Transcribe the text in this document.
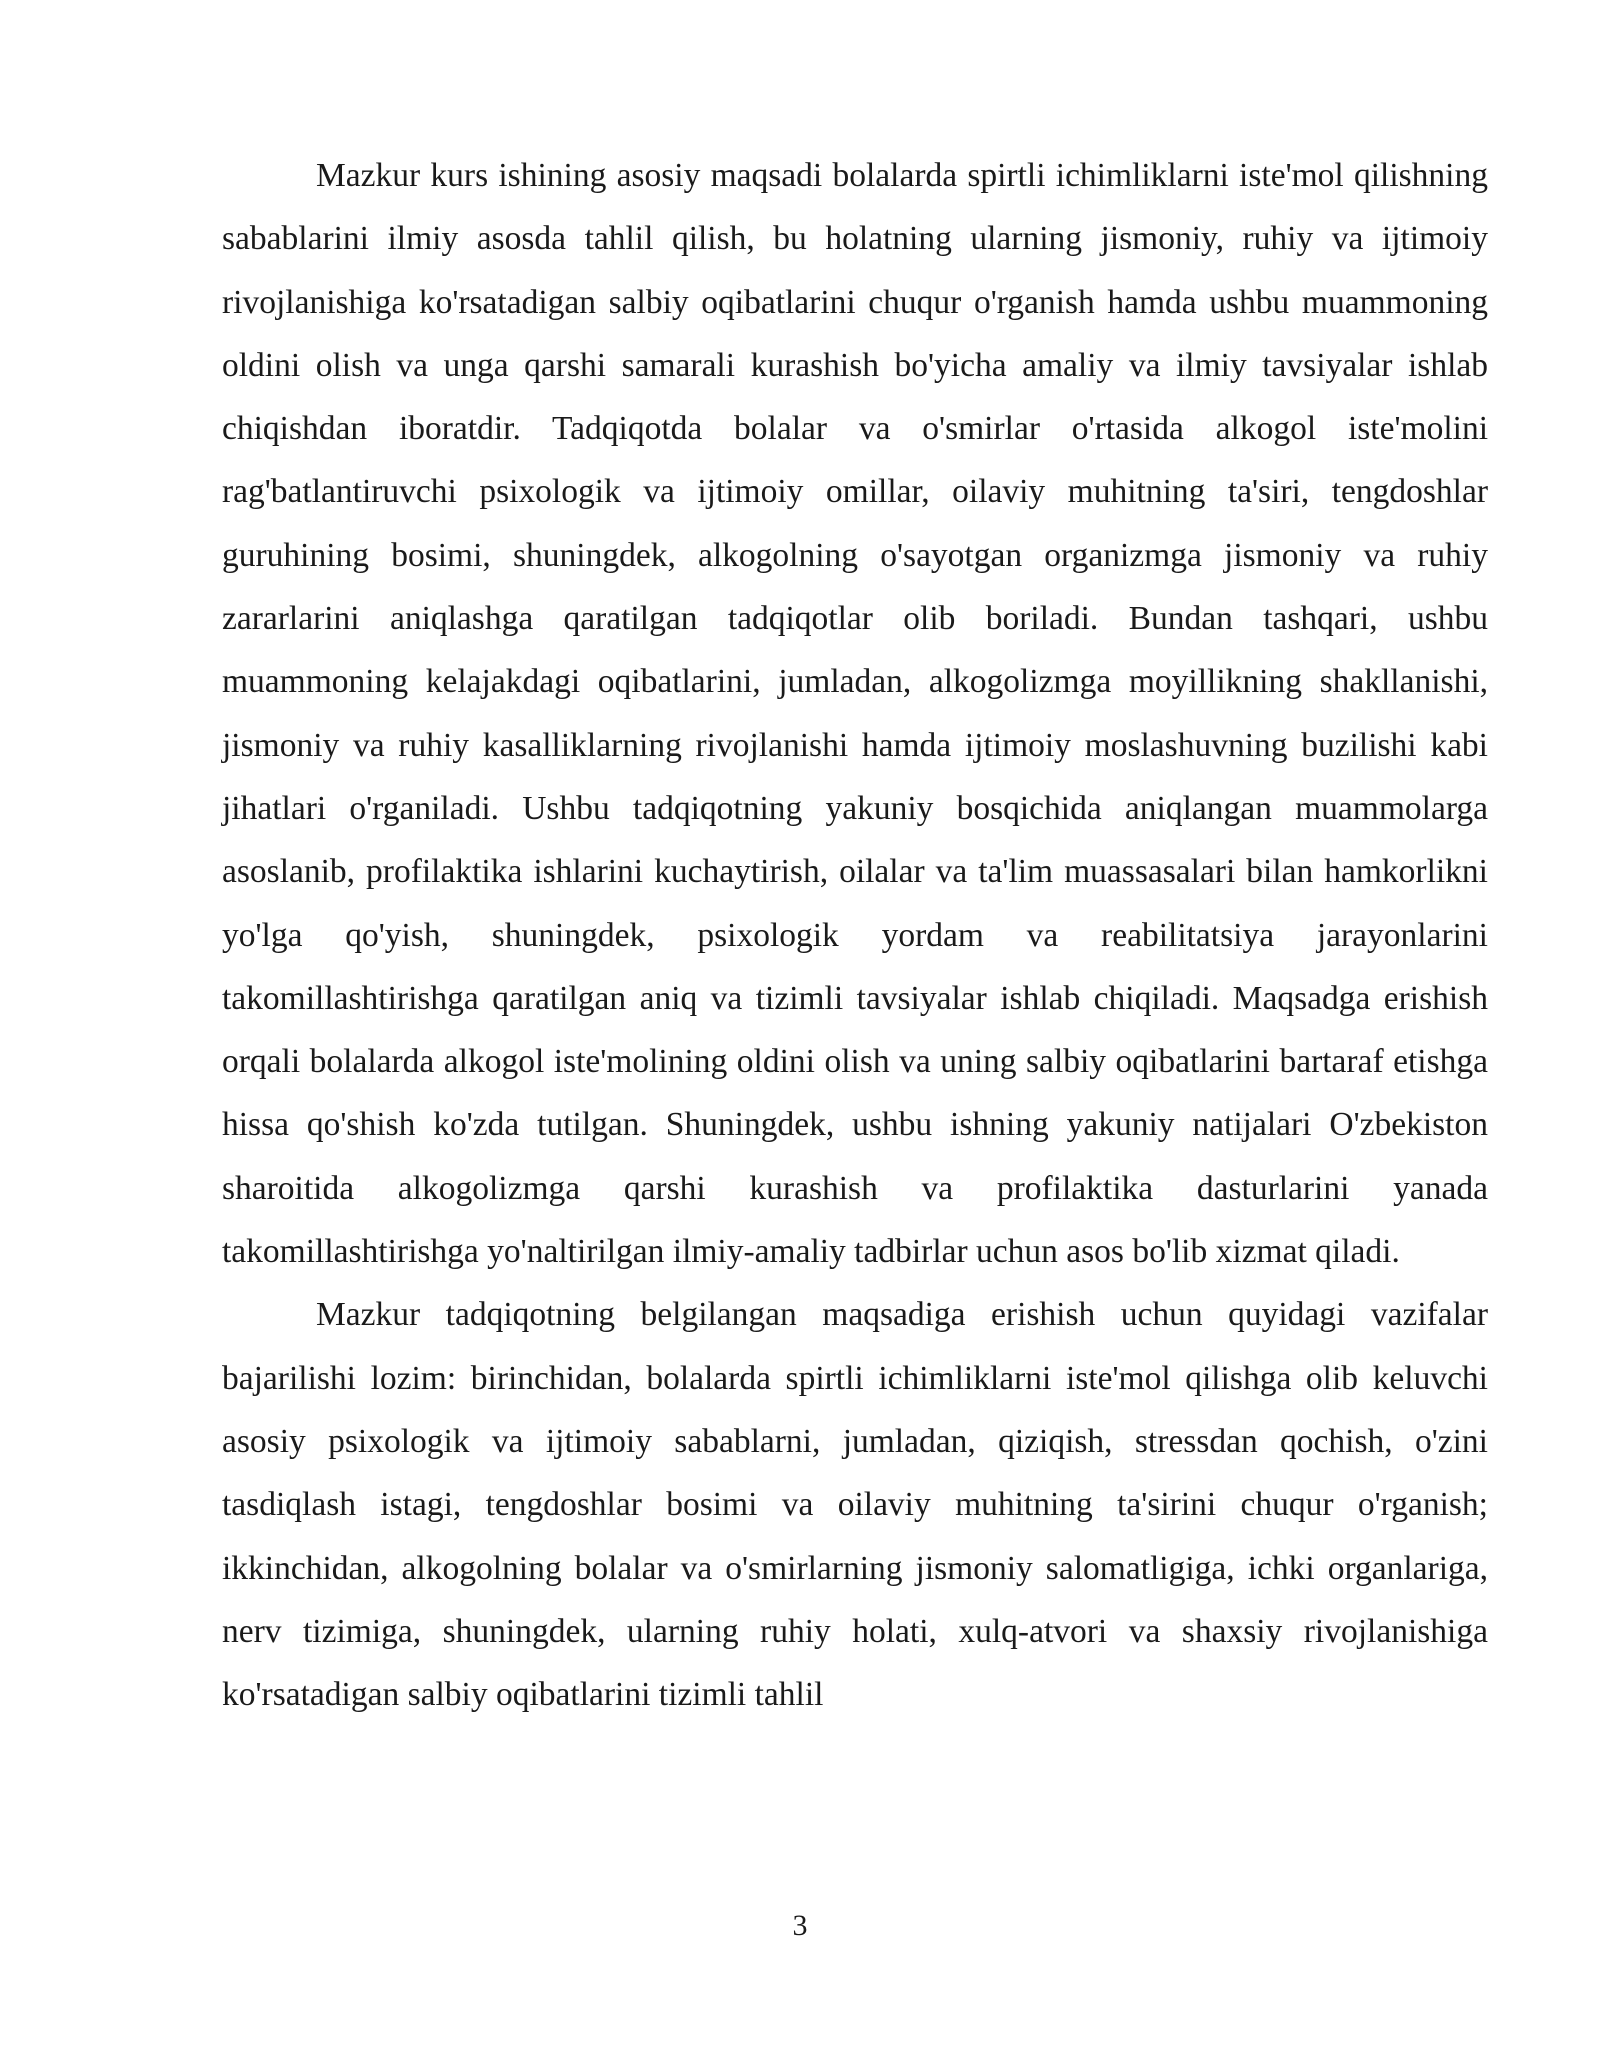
Mazkur kurs ishining asosiy maqsadi bolalarda spirtli ichimliklarni iste'mol qilishning sabablarini ilmiy asosda tahlil qilish, bu holatning ularning jismoniy, ruhiy va ijtimoiy rivojlanishiga ko'rsatadigan salbiy oqibatlarini chuqur o'rganish hamda ushbu muammoning oldini olish va unga qarshi samarali kurashish bo'yicha amaliy va ilmiy tavsiyalar ishlab chiqishdan iboratdir. Tadqiqotda bolalar va o'smirlar o'rtasida alkogol iste'molini rag'batlantiruvchi psixologik va ijtimoiy omillar, oilaviy muhitning ta'siri, tengdoshlar guruhining bosimi, shuningdek, alkogolning o'sayotgan organizmga jismoniy va ruhiy zararlarini aniqlashga qaratilgan tadqiqotlar olib boriladi. Bundan tashqari, ushbu muammoning kelajakdagi oqibatlarini, jumladan, alkogolizmga moyillikning shakllanishi, jismoniy va ruhiy kasalliklarning rivojlanishi hamda ijtimoiy moslashuvning buzilishi kabi jihatlari o'rganiladi. Ushbu tadqiqotning yakuniy bosqichida aniqlangan muammolarga asoslanib, profilaktika ishlarini kuchaytirish, oilalar va ta'lim muassasalari bilan hamkorlikni yo'lga qo'yish, shuningdek, psixologik yordam va reabilitatsiya jarayonlarini takomillashtirishga qaratilgan aniq va tizimli tavsiyalar ishlab chiqiladi. Maqsadga erishish orqali bolalarda alkogol iste'molining oldini olish va uning salbiy oqibatlarini bartaraf etishga hissa qo'shish ko'zda tutilgan. Shuningdek, ushbu ishning yakuniy natijalari O'zbekiston sharoitida alkogolizmga qarshi kurashish va profilaktika dasturlarini yanada takomillashtirishga yo'naltirilgan ilmiy-amaliy tadbirlar uchun asos bo'lib xizmat qiladi.

Mazkur tadqiqotning belgilangan maqsadiga erishish uchun quyidagi vazifalar bajarilishi lozim: birinchidan, bolalarda spirtli ichimliklarni iste'mol qilishga olib keluvchi asosiy psixologik va ijtimoiy sabablarni, jumladan, qiziqish, stressdan qochish, o'zini tasdiqlash istagi, tengdoshlar bosimi va oilaviy muhitning ta'sirini chuqur o'rganish; ikkinchidan, alkogolning bolalar va o'smirlarning jismoniy salomatligiga, ichki organlariga, nerv tizimiga, shuningdek, ularning ruhiy holati, xulq-atvori va shaxsiy rivojlanishiga ko'rsatadigan salbiy oqibatlarini tizimli tahlil

3
